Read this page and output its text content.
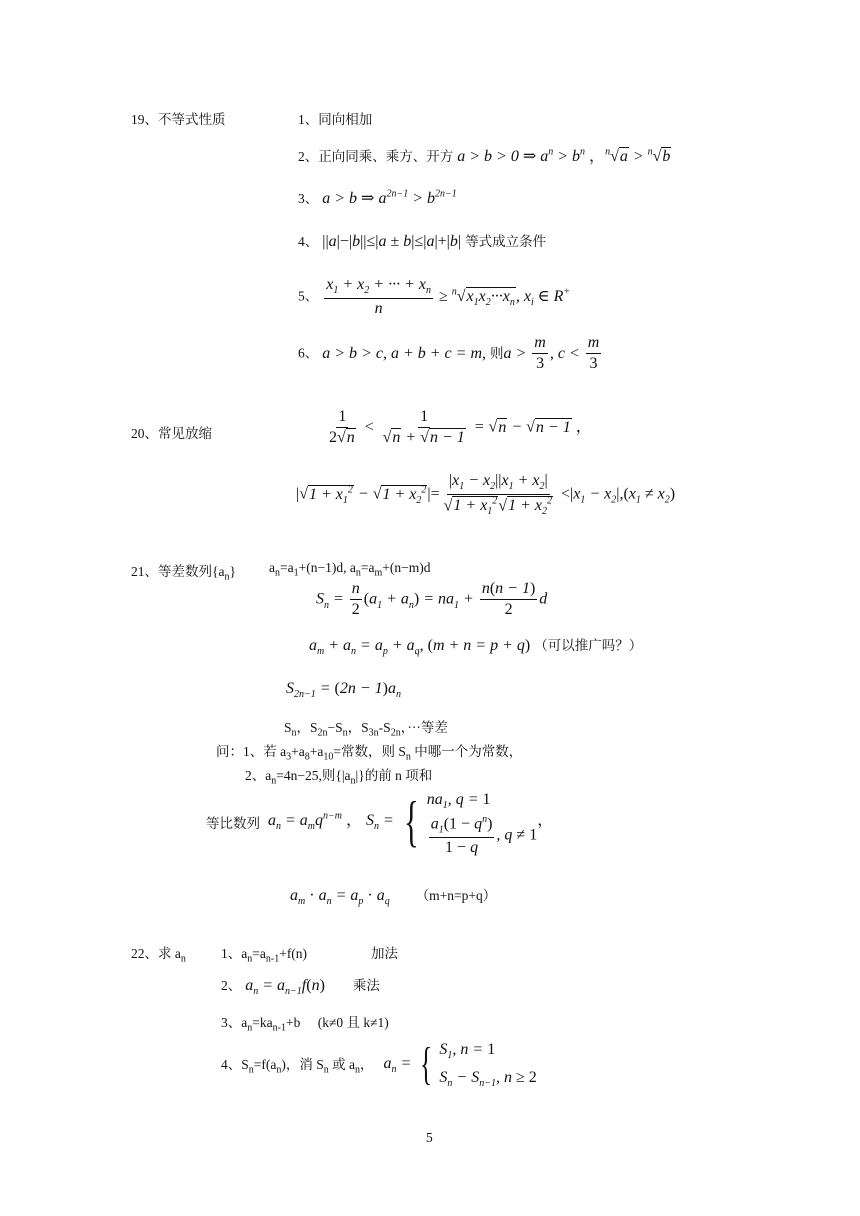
19、不等式性质	1、同向相加
2、正向同乘、乘方、开方 a > b > 0 ⇒ $a^n > b^n$ ，$^n$√a > $^n$√b
3、 a > b ⇒ $a^{2n-1} > b^{2n-1}$
4、 ||a|−|b||≤|a ± b|≤|a|+|b| 等式成立条件
5、 $\frac{x_1 + x_2 + \cdot\cdot\cdot + x_n}{n} \ge ^n√x_1x_2\cdot\cdot\cdot x_n$, $x_i$ ∈ R+
6、 a > b > c, a + b + c = m, 则$a > \frac{m}{3}$ , $c < \frac{m}{3}$
20、常见放缩	$\frac{1}{2√n} < \frac{1}{√n + √n - 1} = √n - √n - 1$ ，
$|√1 + x_1^2 - √1 + x_2^2|= \frac{|x_1 - x_2||x_1 + x_2|}{√1 + x_1^2√1 + x_2^2} <|x_1 - x_2|,(x_1 \ne x_2)$
21、等差数列$\{a_n\}$ $a_n=a_1+(n-1)d$, $a_n=a_m+(n-m)d$
$S_n = \frac{n}{2} (a_1 + a_n) = na_1 + \frac{n(n - 1)}{2}$ d
$a_m + a_n = a_p + a_q$, (m + n = p + q) （可以推广吗？）
$S_{2n-1} = (2n - 1)a_n$
$S_n$，$S_{2n}-S_n$，$S_{3n}-S_{2n}$，···等差
问：1、若 $a_3+a_8+a_{10}=$常数，则 $S_n$ 中哪一个为常数，
2、$a_n=4n-25$,则$\{|a_n|\}$的前 n 项和
等比数列  $a_n = a_mq^{n-m}$ ， $S_n$ = { $na_1$, q = 1
$\frac{a_1(1 - q^n)}{1 - q}$ , q ≠ 1
，
$a_m \cdot a_n = a_p \cdot a_q$ （m+n=p+q）
22、求 $a_n$	1、$a_n=a_{n-1}+f(n)$	加法
2、 $a_n = a_{n-1}f(n)$ 乘法
3、$a_n=ka_{n-1}+b$ (k≠0 且 k≠1)
4、$S_n=f(a_n)$，消 $S_n$ 或 $a_n$， $a_n$ = { $S_1$, n = 1
$S_n - S_{n-1}$, n ≥ 2
5
